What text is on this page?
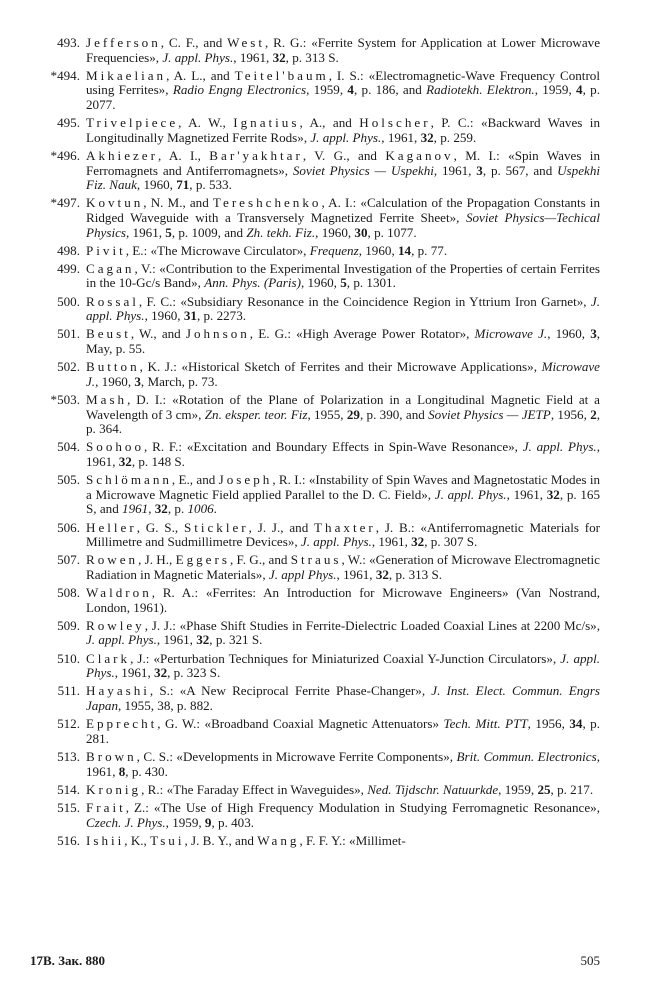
493. Jefferson, C. F., and West, R. G.: «Ferrite System for Application at Lower Microwave Frequencies», J. appl. Phys., 1961, 32, p. 313 S.
*494. Mikaelian, A. L., and Teitel'baum, I. S.: «Electromagnetic-Wave Frequency Control using Ferrites», Radio Engng Electronics, 1959, 4, p. 186, and Radiotekh. Elektron., 1959, 4, p. 2077.
495. Trivelpiece, A. W., Ignatius, A., and Holscher, P. C.: «Backward Waves in Longitudinally Magnetized Ferrite Rods», J. appl. Phys., 1961, 32, p. 259.
*496. Akhiezer, A. I., Bar'yakhtar, V. G., and Kaganov, M. I.: «Spin Waves in Ferromagnets and Antiferromagnets», Soviet Physics — Uspekhi, 1961, 3, p. 567, and Uspekhi Fiz. Nauk, 1960, 71, p. 533.
*497. Kovtun, N. M., and Tereshchenko, A. I.: «Calculation of the Propagation Constants in Ridged Waveguide with a Transversely Magnetized Ferrite Sheet», Soviet Physics—Techical Physics, 1961, 5, p. 1009, and Zh. tekh. Fiz., 1960, 30, p. 1077.
498. Pivit, E.: «The Microwave Circulator», Frequenz, 1960, 14, p. 77.
499. Cagan, V.: «Contribution to the Experimental Investigation of the Properties of certain Ferrites in the 10-Gc/s Band», Ann. Phys. (Paris), 1960, 5, p. 1301.
500. Rossal, F. C.: «Subsidiary Resonance in the Coincidence Region in Yttrium Iron Garnet», J. appl. Phys., 1960, 31, p. 2273.
501. Beust, W., and Johnson, E. G.: «High Average Power Rotator», Microwave J., 1960, 3, May, p. 55.
502. Button, K. J.: «Historical Sketch of Ferrites and their Microwave Applications», Microwave J., 1960, 3, March, p. 73.
*503. Mash, D. I.: «Rotation of the Plane of Polarization in a Longitudinal Magnetic Field at a Wavelength of 3 cm», Zn. eksper. teor. Fiz, 1955, 29, p. 390, and Soviet Physics — JETP, 1956, 2, p. 364.
504. Soohoo, R. F.: «Excitation and Boundary Effects in Spin-Wave Resonance», J. appl. Phys., 1961, 32, p. 148 S.
505. Schlömann, E., and Joseph, R. I.: «Instability of Spin Waves and Magnetostatic Modes in a Microwave Magnetic Field applied Parallel to the D. C. Field», J. appl. Phys., 1961, 32, p. 165 S, and 1961, 32, p. 1006.
506. Heller, G. S., Stickler, J. J., and Thaxter, J. B.: «Antiferromagnetic Materials for Millimetre and Sudmillimetre Devices», J. appl. Phys., 1961, 32, p. 307 S.
507. Rowen, J. H., Eggers, F. G., and Straus, W.: «Generation of Microwave Electromagnetic Radiation in Magnetic Materials», J. appl Phys., 1961, 32, p. 313 S.
508. Waldron, R. A.: «Ferrites: An Introduction for Microwave Engineers» (Van Nostrand, London, 1961).
509. Rowley, J. J.: «Phase Shift Studies in Ferrite-Dielectric Loaded Coaxial Lines at 2200 Mc/s», J. appl. Phys., 1961, 32, p. 321 S.
510. Clark, J.: «Perturbation Techniques for Miniaturized Coaxial Y-Junction Circulators», J. appl. Phys., 1961, 32, p. 323 S.
511. Hayashi, S.: «A New Reciprocal Ferrite Phase-Changer», J. Inst. Elect. Commun. Engrs Japan, 1955, 38, p. 882.
512. Epprecht, G. W.: «Broadband Coaxial Magnetic Attenuators» Tech. Mitt. PTT, 1956, 34, p. 281.
513. Brown, C. S.: «Developments in Microwave Ferrite Components», Brit. Commun. Electronics, 1961, 8, p. 430.
514. Kronig, R.: «The Faraday Effect in Waveguides», Ned. Tijdschr. Natuurkde, 1959, 25, p. 217.
515. Frait, Z.: «The Use of High Frequency Modulation in Studying Ferromagnetic Resonance», Czech. J. Phys., 1959, 9, p. 403.
516. Ishii, K., Tsui, J. B. Y., and Wang, F. F. Y.: «Millimet-
17В. Зак. 880	505
